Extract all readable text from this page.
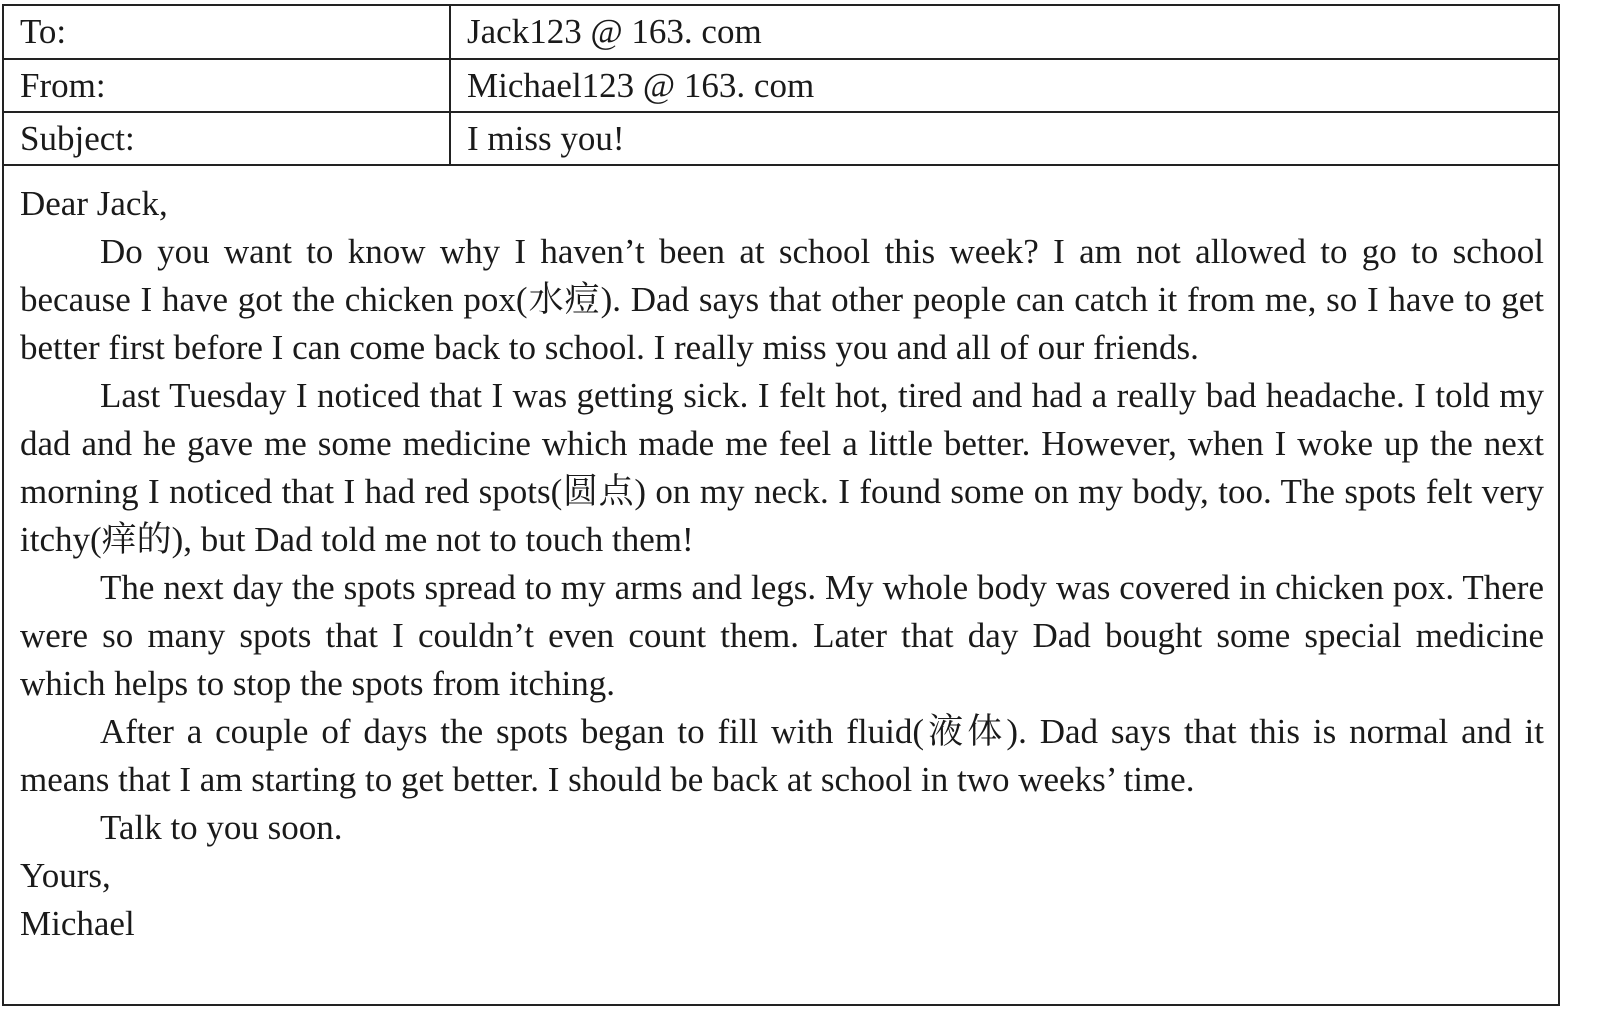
To:	Jack123 @ 163. com
From:	Michael123 @ 163. com
Subject:	I miss you!

Dear Jack,

Do you want to know why I haven’t been at school this week? I am not allowed to go to school because I have got the chicken pox(水痘). Dad says that other people can catch it from me, so I have to get better first before I can come back to school. I really miss you and all of our friends.

Last Tuesday I noticed that I was getting sick. I felt hot, tired and had a really bad headache. I told my dad and he gave me some medicine which made me feel a little better. However, when I woke up the next morning I noticed that I had red spots(圆点) on my neck. I found some on my body, too. The spots felt very itchy(痒的), but Dad told me not to touch them!

The next day the spots spread to my arms and legs. My whole body was covered in chicken pox. There were so many spots that I couldn’t even count them. Later that day Dad bought some special medicine which helps to stop the spots from itching.

After a couple of days the spots began to fill with fluid(液体). Dad says that this is normal and it means that I am starting to get better. I should be back at school in two weeks’ time.

Talk to you soon.

Yours,

Michael
